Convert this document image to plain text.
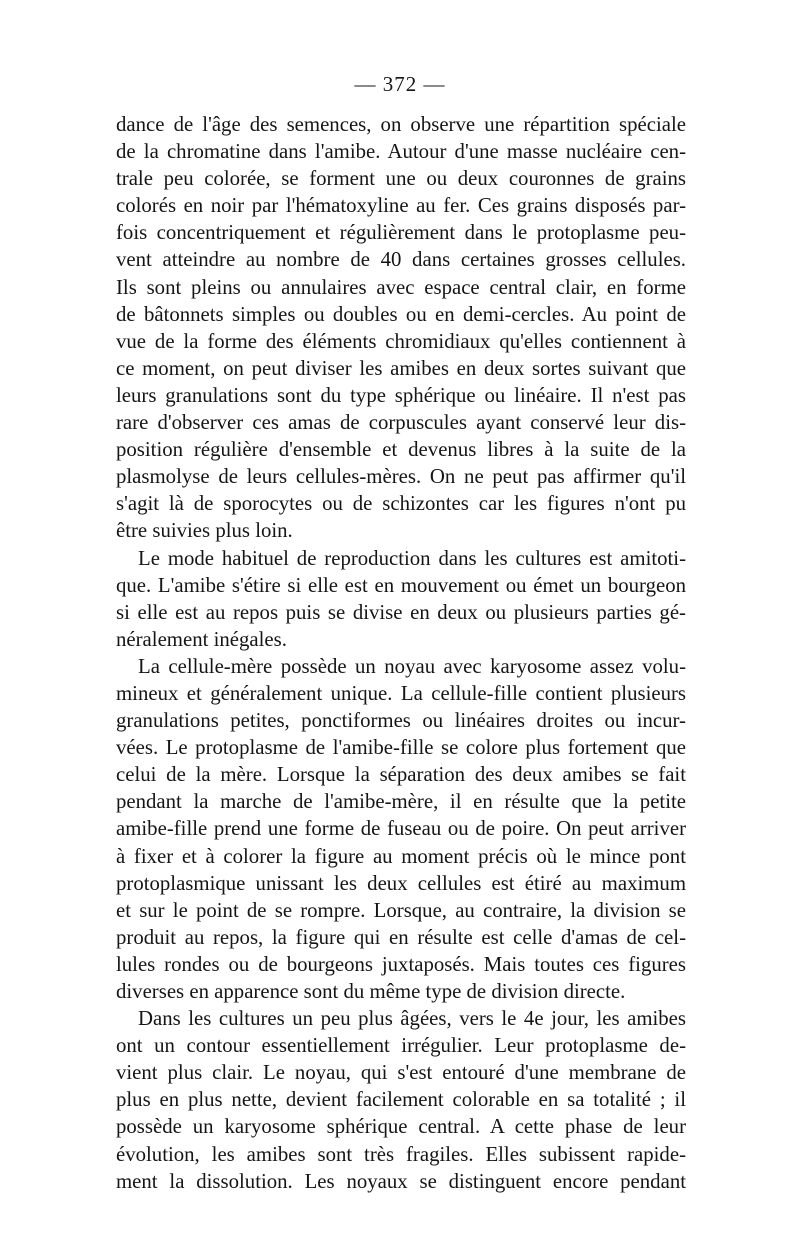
— 372 —
dance de l'âge des semences, on observe une répartition spéciale
de la chromatine dans l'amibe. Autour d'une masse nucléaire cen-
trale peu colorée, se forment une ou deux couronnes de grains
colorés en noir par l'hématoxyline au fer. Ces grains disposés par-
fois concentriquement et régulièrement dans le protoplasme peu-
vent atteindre au nombre de 40 dans certaines grosses cellules.
Ils sont pleins ou annulaires avec espace central clair, en forme
de bâtonnets simples ou doubles ou en demi-cercles. Au point de
vue de la forme des éléments chromidiaux qu'elles contiennent à
ce moment, on peut diviser les amibes en deux sortes suivant que
leurs granulations sont du type sphérique ou linéaire. Il n'est pas
rare d'observer ces amas de corpuscules ayant conservé leur dis-
position régulière d'ensemble et devenus libres à la suite de la
plasmolyse de leurs cellules-mères. On ne peut pas affirmer qu'il
s'agit là de sporocytes ou de schizontes car les figures n'ont pu
être suivies plus loin.
Le mode habituel de reproduction dans les cultures est amitoti-
que. L'amibe s'étire si elle est en mouvement ou émet un bourgeon
si elle est au repos puis se divise en deux ou plusieurs parties gé-
néralement inégales.
La cellule-mère possède un noyau avec karyosome assez volu-
mineux et généralement unique. La cellule-fille contient plusieurs
granulations petites, ponctiformes ou linéaires droites ou incur-
vées. Le protoplasme de l'amibe-fille se colore plus fortement que
celui de la mère. Lorsque la séparation des deux amibes se fait
pendant la marche de l'amibe-mère, il en résulte que la petite
amibe-fille prend une forme de fuseau ou de poire. On peut arriver
à fixer et à colorer la figure au moment précis où le mince pont
protoplasmique unissant les deux cellules est étiré au maximum
et sur le point de se rompre. Lorsque, au contraire, la division se
produit au repos, la figure qui en résulte est celle d'amas de cel-
lules rondes ou de bourgeons juxtaposés. Mais toutes ces figures
diverses en apparence sont du même type de division directe.
Dans les cultures un peu plus âgées, vers le 4e jour, les amibes
ont un contour essentiellement irrégulier. Leur protoplasme de-
vient plus clair. Le noyau, qui s'est entouré d'une membrane de
plus en plus nette, devient facilement colorable en sa totalité ; il
possède un karyosome sphérique central. A cette phase de leur
évolution, les amibes sont très fragiles. Elles subissent rapide-
ment la dissolution. Les noyaux se distinguent encore pendant
